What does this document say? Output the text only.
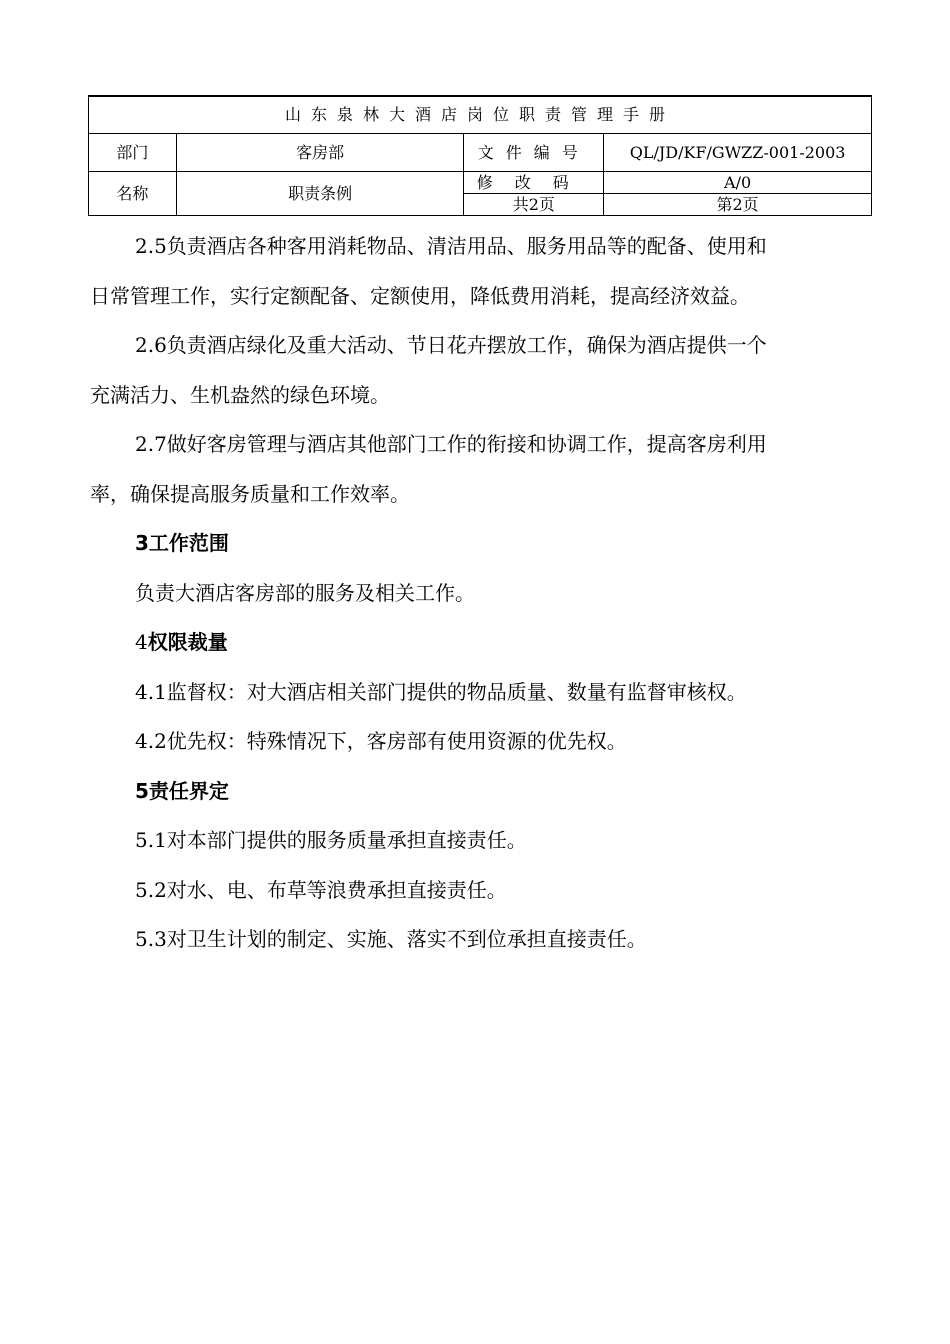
山东泉林大酒店岗位职责管理手册			
部门	客房部	文件编号	QL/JD/KF/GWZZ-001-2003
名称	职责条例	修改码	A/0
		共2页	第2页

2.5负责酒店各种客用消耗物品、清洁用品、服务用品等的配备、使用和

日常管理工作，实行定额配备、定额使用，降低费用消耗，提高经济效益。

2.6负责酒店绿化及重大活动、节日花卉摆放工作，确保为酒店提供一个

充满活力、生机盎然的绿色环境。

2.7做好客房管理与酒店其他部门工作的衔接和协调工作，提高客房利用

率，确保提高服务质量和工作效率。

3工作范围

负责大酒店客房部的服务及相关工作。

4权限裁量

4.1监督权：对大酒店相关部门提供的物品质量、数量有监督审核权。

4.2优先权：特殊情况下，客房部有使用资源的优先权。

5责任界定

5.1对本部门提供的服务质量承担直接责任。

5.2对水、电、布草等浪费承担直接责任。

5.3对卫生计划的制定、实施、落实不到位承担直接责任。
